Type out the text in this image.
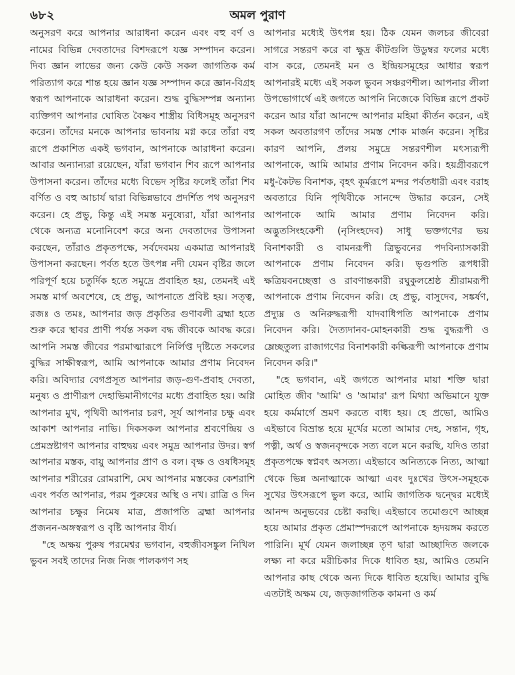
৬৮২	অমল পুরাণ

অনুসরণ করে আপনার আরাধনা করেন এবং বহু বর্ণ ও নামের বিভিন্ন দেবতাদের বিশদরূপে যজ্ঞ সম্পাদন করেন। দিব্য জ্ঞান লাভের জন্য কেউ কেউ সকল জাগতিক কর্ম পরিত্যাগ করে শান্ত হয়ে জ্ঞান যজ্ঞ সম্পাদন করে জ্ঞান-বিগ্রহ স্বরূপ আপনাকে আরাধনা করেন। শুদ্ধ বুদ্ধিসম্পন্ন অন্যান্য ব্যক্তিগণ আপনার ঘোষিত বৈষ্ণব শাস্ত্রীয় বিধিসমূহ অনুসরণ করেন। তাঁদের মনকে আপনার ভাবনায় মগ্ন করে তাঁরা বহু রূপে প্রকাশিত একই ভগবান, আপনাকে আরাধনা করেন। আবার অন্যান্যরা রয়েছেন, যাঁরা ভগবান শিব রূপে আপনার উপাসনা করেন। তাঁদের মধ্যে বিভেদ সৃষ্টির ফলেই তাঁরা শিব বর্ণিত ও বহু আচার্য দ্বারা বিভিন্নভাবে প্রদর্শিত পথ অনুসরণ করেন। হে প্রভু, কিন্তু এই সমস্ত মনুষ্যেরা, যাঁরা আপনার থেকে অন্যত্র মনোনিবেশ করে অন্য দেবতাদের উপাসনা করছেন, তাঁরাও প্রকৃতপক্ষে, সর্বদেবময় একমাত্র আপনারই উপাসনা করছেন। পর্বত হতে উৎপন্ন নদী যেমন বৃষ্টির জলে পরিপূর্ণ হয়ে চতুর্দিক হতে সমুদ্রে প্রবাহিত হয়, তেমনই এই সমস্ত মার্গ অবশেষে, হে প্রভু, আপনাতে প্রবিষ্ট হয়। সত্ত্ব, রজঃ ও তমঃ, আপনার জড় প্রকৃতির গুণাবলী ব্রহ্মা হতে শুরু করে স্থাবর প্রাণী পর্যন্ত সকল বদ্ধ জীবকে আবদ্ধ করে। আপনি সমস্ত জীবের পরমাত্মারূপে নির্লিপ্ত দৃষ্টিতে সকলের বুদ্ধির সাক্ষীস্বরূপ, আমি আপনাকে আমার প্রণাম নিবেদন করি। অবিদ্যার বেগপ্রসূত আপনার জড়-গুণ-প্রবাহ দেবতা, মনুষ্য ও প্রাণীরূপ দেহাভিমানীগণের মধ্যে প্রবাহিত হয়। অগ্নি আপনার মুখ, পৃথিবী আপনার চরণ, সূর্য আপনার চক্ষু এবং আকাশ আপনার নাভি। দিকসকল আপনার শ্রবণেন্দ্রিয় ও প্রেমস্রষ্টাগণ আপনার বাহুদ্বয় এবং সমুদ্র আপনার উদর। স্বর্গ আপনার মস্তক, বায়ু আপনার প্রাণ ও বল। বৃক্ষ ও ওষধিসমূহ আপনার শরীরের রোমরাশি, মেঘ আপনার মস্তকের কেশরাশি এবং পর্বত আপনার, পরম পুরুষের অস্থি ও নখ। রাত্রি ও দিন আপনার চক্ষুর নিমেষ মাত্র, প্রজাপতি ব্রহ্মা আপনার প্রজনন-অঙ্গস্বরূপ ও বৃষ্টি আপনার বীর্য।

"হে অক্ষয় পুরুষ পরমেশ্বর ভগবান, বহুজীবসঙ্কুল নিখিল ভুবন সবই তাদের নিজ নিজ পালকগণ সহ

আপনার মধ্যেই উৎপন্ন হয়। ঠিক যেমন জলচর জীবেরা সাগরে সন্তরণ করে বা ক্ষুদ্র কীটগুলি উডুম্বর ফলের মধ্যে বাস করে, তেমনই মন ও ইন্দ্রিয়সমূহের আধার স্বরূপ আপনারই মধ্যে এই সকল ভুবন সঞ্চরণশীল। আপনার লীলা উপভোগার্থে এই জগতে আপনি নিজেকে বিভিন্ন রূপে প্রকট করেন আর যাঁরা আনন্দে আপনার মহিমা কীর্তন করেন, এই সকল অবতারগণ তাঁদের সমস্ত শোক মার্জন করেন। সৃষ্টির কারণ আপনি, প্রলয় সমুদ্রে সন্তরণশীল মৎস্যরূপী আপনাকে, আমি আমার প্রণাম নিবেদন করি। হয়গ্রীবরূপে মধু-কৈটভ বিনাশক, বৃহৎ কূর্মরূপে মন্দর পর্বতধারী এবং বরাহ অবতারে যিনি পৃথিবীকে সানন্দে উদ্ধার করেন, সেই আপনাকে আমি আমার প্রণাম নিবেদন করি। অদ্ভুতসিংহকেশী (নৃসিংহদেব) সাধু ভক্তগণের ভয় বিনাশকারী ও বামনরূপী ত্রিভুবনের পদবিন্যাসকারী আপনাকে প্রণাম নিবেদন করি। ভৃগুপতি রূপধারী ক্ষত্রিয়বনচ্ছেত্তা ও রাবণান্তকারী রঘুকুলশ্রেষ্ঠ শ্রীরামরূপী আপনাকে প্রণাম নিবেদন করি। হে প্রভু, বাসুদেব, সঙ্কর্ষণ, প্রদ্যুম্ন ও অনিরুদ্ধরূপী যাদবাধিপতি আপনাকে প্রণাম নিবেদন করি। দৈত্যদানব-মোহনকারী শুদ্ধ বুদ্ধরূপী ও ম্লেচ্ছতুল্য রাজাগণের বিনাশকারী কল্কিরূপী আপনাকে প্রণাম নিবেদন করি।"

"হে ভগবান, এই জগতে আপনার মায়া শক্তি দ্বারা মোহিত জীব 'আমি' ও 'আমার' রূপ মিথ্যা অভিমানে যুক্ত হয়ে কর্মমার্গে ভ্রমণ করতে বাধ্য হয়। হে প্রভো, আমিও এইভাবে বিভ্রান্ত হয়ে মূর্খের মতো আমার দেহ, সন্তান, গৃহ, পত্নী, অর্থ ও স্বজনবৃন্দকে সত্য বলে মনে করছি, যদিও তারা প্রকৃতপক্ষে স্বপ্নবৎ অসত্য। এইভাবে অনিত্যকে নিত্য, আত্মা থেকে ভিন্ন অনাত্মাকে আত্মা এবং দুঃখের উৎস-সমূহকে সুখের উৎসরূপে ভুল করে, আমি জাগতিক দ্বন্দ্বের মধ্যেই আনন্দ অনুভবের চেষ্টা করছি। এইভাবে তমোগুণে আচ্ছন্ন হয়ে আমার প্রকৃত প্রেমাস্পদরূপে আপনাকে হৃদয়ঙ্গম করতে পারিনি। মূর্খ যেমন জলাচ্ছন্ন তৃণ দ্বারা আচ্ছাদিত জলকে লক্ষ্য না করে মরীচিকার দিকে ধাবিত হয়, আমিও তেমনি আপনার কাছ থেকে অন্য দিকে ধাবিত হয়েছি। আমার বুদ্ধি এতটাই অক্ষম যে, জড়জাগতিক কামনা ও কর্ম
